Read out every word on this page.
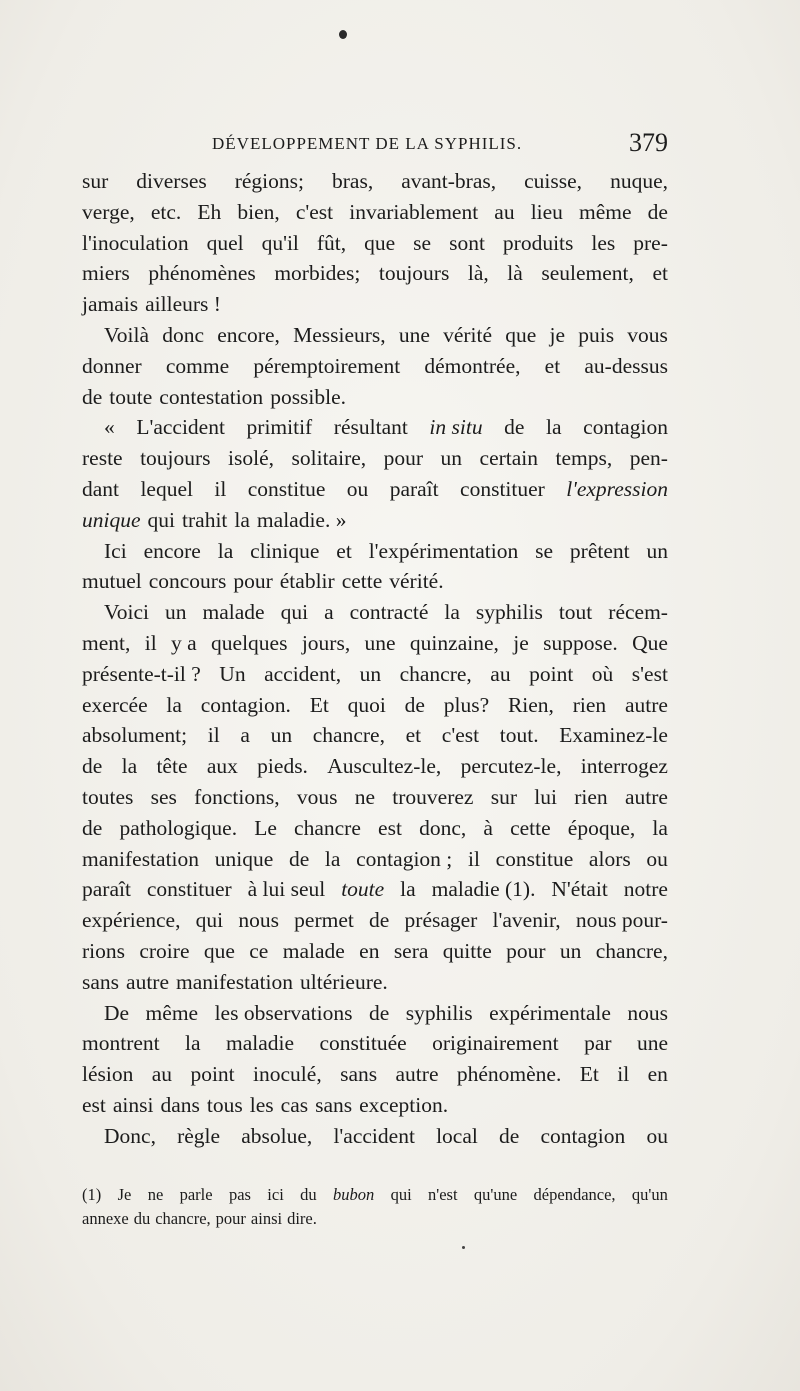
DÉVELOPPEMENT DE LA SYPHILIS.	379
sur diverses régions; bras, avant-bras, cuisse, nuque,
verge, etc. Eh bien, c'est invariablement au lieu même de
l'inoculation quel qu'il fût, que se sont produits les pre-
miers phénomènes morbides; toujours là, là seulement, et
jamais ailleurs !
Voilà donc encore, Messieurs, une vérité que je puis vous
donner comme péremptoirement démontrée, et au-dessus
de toute contestation possible.
« L'accident primitif résultant in situ de la contagion
reste toujours isolé, solitaire, pour un certain temps, pen-
dant lequel il constitue ou paraît constituer l'expression
unique qui trahit la maladie. »
Ici encore la clinique et l'expérimentation se prêtent un
mutuel concours pour établir cette vérité.
Voici un malade qui a contracté la syphilis tout récem-
ment, il y a quelques jours, une quinzaine, je suppose. Que
présente-t-il ? Un accident, un chancre, au point où s'est
exercée la contagion. Et quoi de plus? Rien, rien autre
absolument; il a un chancre, et c'est tout. Examinez-le
de la tête aux pieds. Auscultez-le, percutez-le, interrogez
toutes ses fonctions, vous ne trouverez sur lui rien autre
de pathologique. Le chancre est donc, à cette époque, la
manifestation unique de la contagion ; il constitue alors ou
paraît constituer à lui seul toute la maladie (1). N'était notre
expérience, qui nous permet de présager l'avenir, nous pour-
rions croire que ce malade en sera quitte pour un chancre,
sans autre manifestation ultérieure.
De même les observations de syphilis expérimentale nous
montrent la maladie constituée originairement par une
lésion au point inoculé, sans autre phénomène. Et il en
est ainsi dans tous les cas sans exception.
Donc, règle absolue, l'accident local de contagion ou
(1) Je ne parle pas ici du bubon qui n'est qu'une dépendance, qu'un
annexe du chancre, pour ainsi dire.
